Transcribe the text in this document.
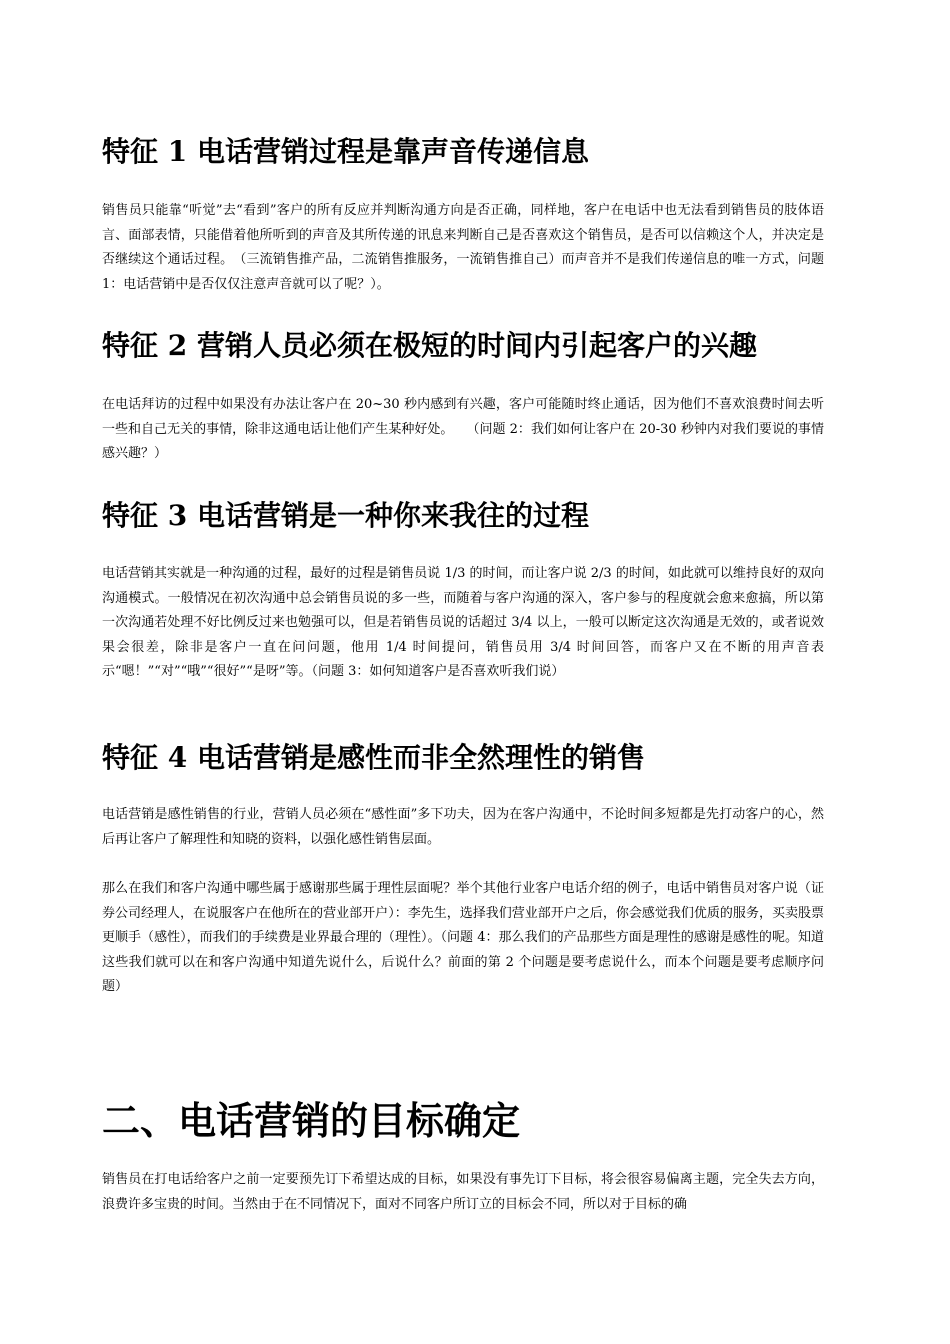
特征 1 电话营销过程是靠声音传递信息

销售员只能靠“听觉”去“看到”客户的所有反应并判断沟通方向是否正确，同样地，客户在电话中也无法看到销售员的肢体语言、面部表情，只能借着他所听到的声音及其所传递的讯息来判断自己是否喜欢这个销售员，是否可以信赖这个人，并决定是否继续这个通话过程。　（三流销售推产品，二流销售推服务，一流销售推自己）而声音并不是我们传递信息的唯一方式，问题 1：电话营销中是否仅仅注意声音就可以了呢？）。

特征 2 营销人员必须在极短的时间内引起客户的兴趣

在电话拜访的过程中如果没有办法让客户在 20~30 秒内感到有兴趣，客户可能随时终止通话，因为他们不喜欢浪费时间去听一些和自己无关的事情，除非这通电话让他们产生某种好处。　　（问题 2：我们如何让客户在 20-30 秒钟内对我们要说的事情感兴趣？）

特征 3 电话营销是一种你来我往的过程

电话营销其实就是一种沟通的过程，最好的过程是销售员说 1/3 的时间，而让客户说 2/3 的时间，如此就可以维持良好的双向沟通模式。一般情况在初次沟通中总会销售员说的多一些，而随着与客户沟通的深入，客户参与的程度就会愈来愈搞，所以第一次沟通若处理不好比例反过来也勉强可以，但是若销售员说的话超过 3/4 以上，一般可以断定这次沟通是无效的，或者说效果会很差，除非是客户一直在问问题，他用 1/4 时间提问，销售员用 3/4 时间回答，而客户又在不断的用声音表示“嗯！”“对”“哦”“很好”“是呀”等。（问题 3：如何知道客户是否喜欢听我们说）

特征 4 电话营销是感性而非全然理性的销售

电话营销是感性销售的行业，营销人员必须在“感性面”多下功夫，因为在客户沟通中，不论时间多短都是先打动客户的心，然后再让客户了解理性和知晓的资料，以强化感性销售层面。

那么在我们和客户沟通中哪些属于感谢那些属于理性层面呢？举个其他行业客户电话介绍的例子，电话中销售员对客户说（证券公司经理人，在说服客户在他所在的营业部开户）：李先生，选择我们营业部开户之后，你会感觉我们优质的服务，买卖股票更顺手（感性），而我们的手续费是业界最合理的（理性）。（问题 4：那么我们的产品那些方面是理性的感谢是感性的呢。知道这些我们就可以在和客户沟通中知道先说什么，后说什么？前面的第 2 个问题是要考虑说什么，而本个问题是要考虑顺序问题）

二、电话营销的目标确定

销售员在打电话给客户之前一定要预先订下希望达成的目标，如果没有事先订下目标，将会很容易偏离主题，完全失去方向，浪费许多宝贵的时间。当然由于在不同情况下，面对不同客户所订立的目标会不同，所以对于目标的确
